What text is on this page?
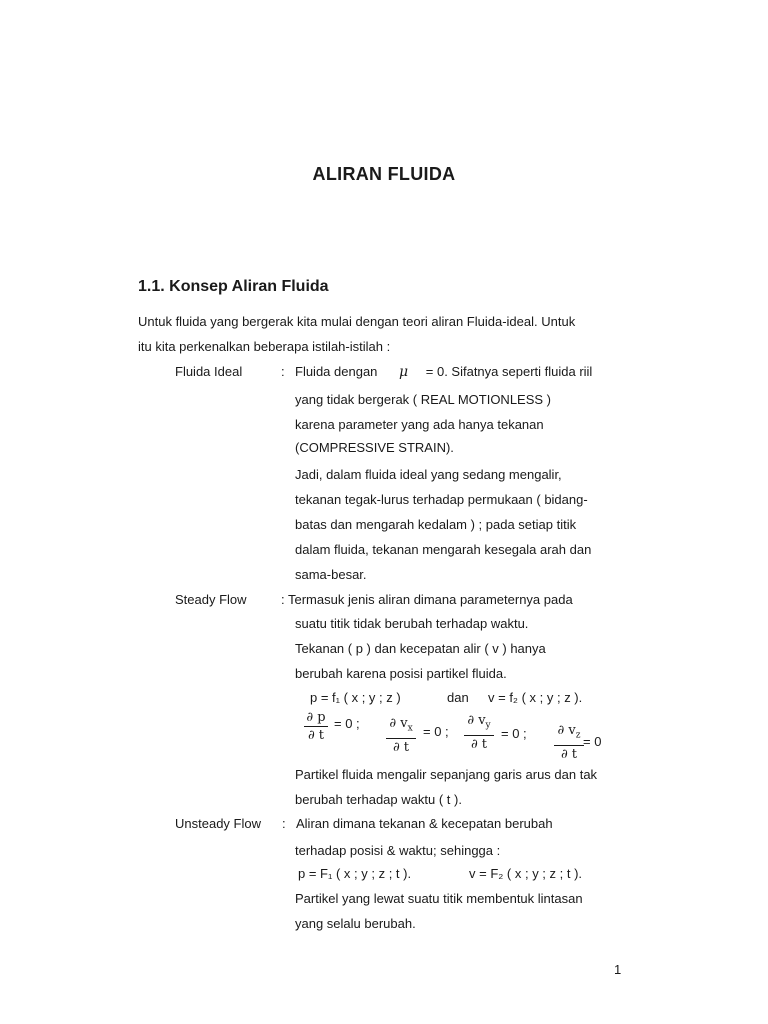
ALIRAN FLUIDA
1.1. Konsep Aliran Fluida
Untuk fluida yang bergerak kita mulai dengan teori aliran Fluida-ideal. Untuk
itu kita perkenalkan beberapa istilah-istilah :
Fluida Ideal	: Fluida dengan μ = 0. Sifatnya seperti fluida riil
yang tidak bergerak ( REAL MOTIONLESS )
karena parameter yang ada hanya tekanan
(COMPRESSIVE STRAIN).
Jadi, dalam fluida ideal yang sedang mengalir,
tekanan tegak-lurus terhadap permukaan ( bidang-
batas dan mengarah kedalam ) ; pada setiap titik
dalam fluida, tekanan mengarah kesegala arah dan
sama-besar.
Steady Flow	: Termasuk jenis aliran dimana parameternya pada
suatu titik tidak berubah terhadap waktu.
Tekanan ( p ) dan kecepatan alir ( v ) hanya
berubah karena posisi partikel fluida.
p = f₁ ( x ; y ; z )	dan v = f₂ ( x ; y ; z ).
∂ p
∂ t
= 0 ; ∂ $v_x$
∂ t
= 0 ;
∂ $v_y$
∂ t
= 0 ; ∂ $v_z$
∂ t
= 0
Partikel fluida mengalir sepanjang garis arus dan tak
berubah terhadap waktu ( t ).
Unsteady Flow : Aliran dimana tekanan & kecepatan berubah
terhadap posisi & waktu; sehingga :
p = F₁ ( x ; y ; z ; t ).	v = F₂ ( x ; y ; z ; t ).
Partikel yang lewat suatu titik membentuk lintasan
yang selalu berubah.
1
